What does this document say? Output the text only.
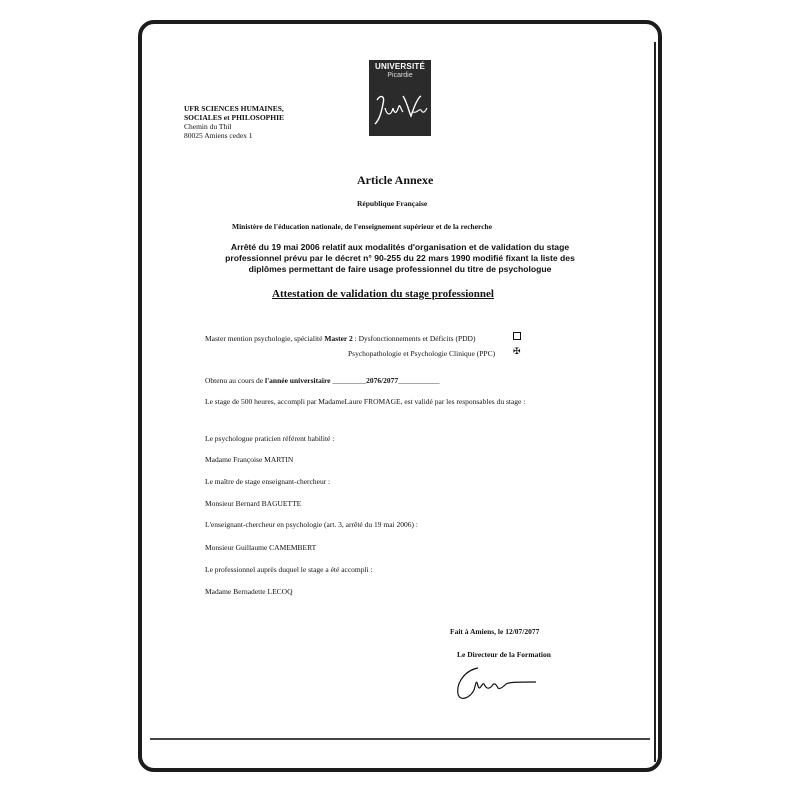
UNIVERSITÉ
Picardie
UFR SCIENCES HUMAINES,
SOCIALES et PHILOSOPHIE
Chemin du Thil
80025 Amiens cedex 1
Article Annexe
République Française
Ministère de l'éducation nationale, de l'enseignement supérieur et de la recherche
Arrêté du 19 mai 2006 relatif aux modalités d'organisation et de validation du stage
professionnel prévu par le décret n° 90-255 du 22 mars 1990 modifié fixant la liste des
diplômes permettant de faire usage professionnel du titre de psychologue
Attestation de validation du stage professionnel
Master mention psychologie, spécialité Master 2 : Dysfonctionnements et Déficits (PDD)
Psychopathologie et Psychologie Clinique (PPC) ✠
Obtenu au cours de l'année universitaire _________2076/2077___________
Le stage de 500 heures, accompli par MadameLaure FROMAGE, est validé par les responsables du stage :
Le psychologue praticien référent habilité :
Madame Françoise MARTIN
Le maître de stage enseignant-chercheur :
Monsieur Bernard BAGUETTE
L'enseignant-chercheur en psychologie (art. 3, arrêté du 19 mai 2006) :
Monsieur Guillaume CAMEMBERT
Le professionnel auprès duquel le stage a été accompli :
Madame Bernadette LECOQ
Fait à Amiens, le 12/07/2077
Le Directeur de la Formation
